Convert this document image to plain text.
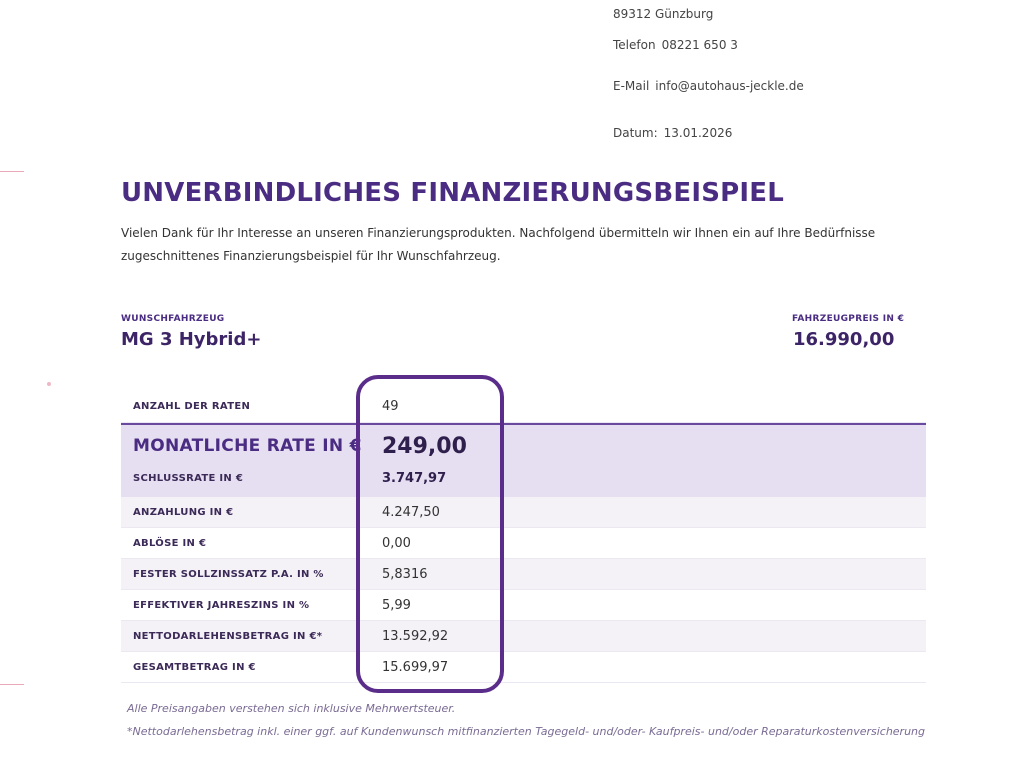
89312 Günzburg
Telefon 08221 650 3
E-Mail info@autohaus-jeckle.de
Datum: 13.01.2026
UNVERBINDLICHES FINANZIERUNGSBEISPIEL
Vielen Dank für Ihr Interesse an unseren Finanzierungsprodukten. Nachfolgend übermitteln wir Ihnen ein auf Ihre Bedürfnisse zugeschnittenes Finanzierungsbeispiel für Ihr Wunschfahrzeug.
WUNSCHFAHRZEUG
MG 3 Hybrid+
FAHRZEUGPREIS IN €
16.990,00
ANZAHL DER RATEN	49
MONATLICHE RATE IN € 249,00
SCHLUSSRATE IN €	3.747,97
ANZAHLUNG IN €	4.247,50
ABLÖSE IN €	0,00
FESTER SOLLZINSSATZ P.A. IN %	5,8316
EFFEKTIVER JAHRESZINS IN %	5,99
NETTODARLEHENSBETRAG IN €*	13.592,92
GESAMTBETRAG IN €	15.699,97
Alle Preisangaben verstehen sich inklusive Mehrwertsteuer.
*Nettodarlehensbetrag inkl. einer ggf. auf Kundenwunsch mitfinanzierten Tagegeld- und/oder- Kaufpreis- und/oder Reparaturkostenversicherung
